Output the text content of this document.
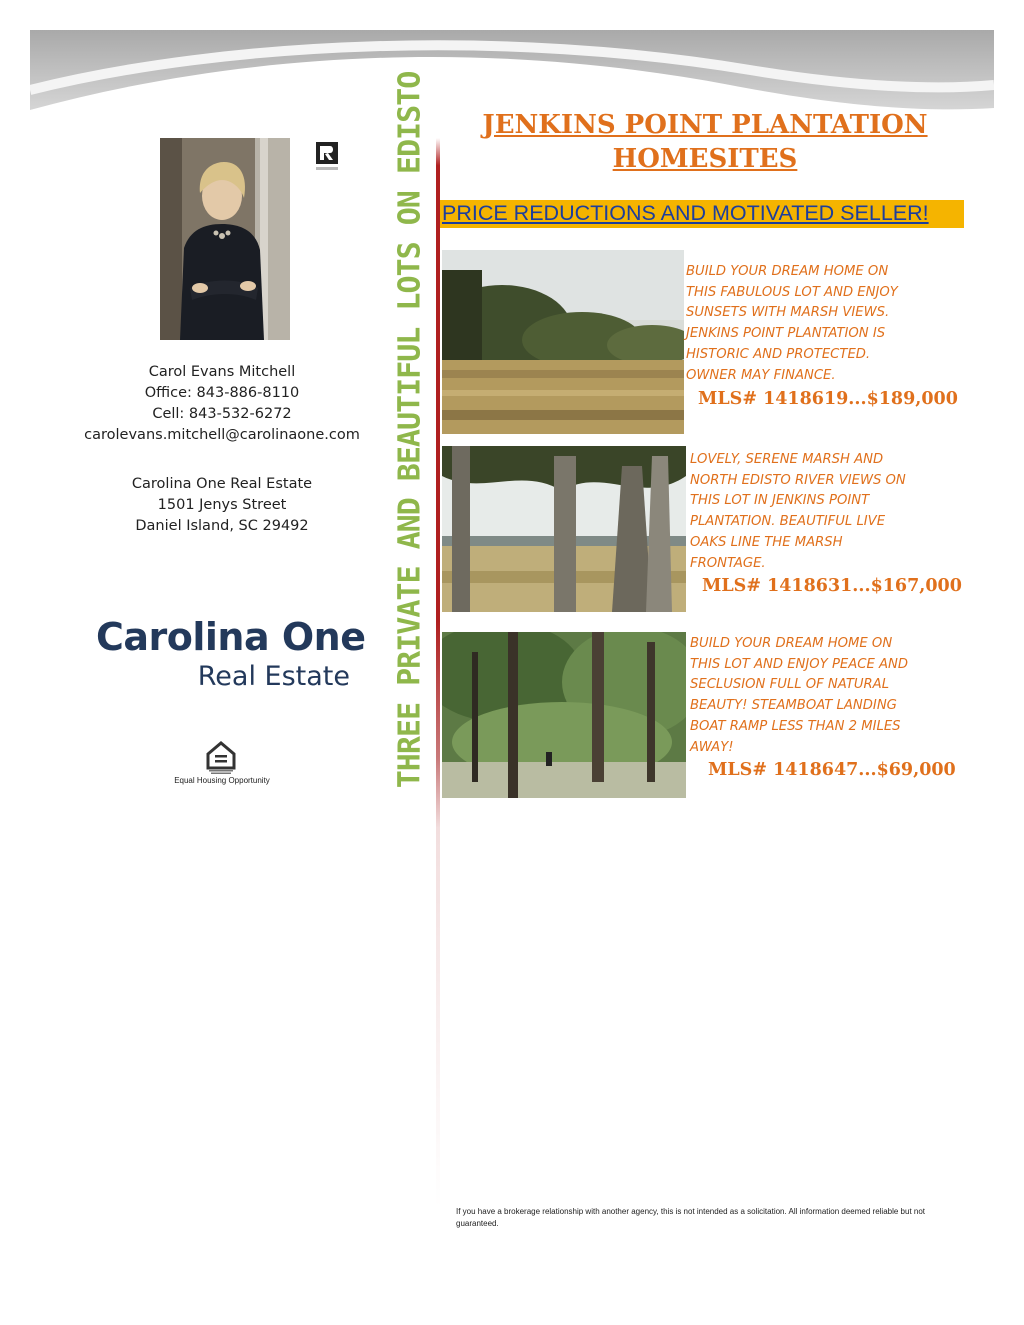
Carol Evans Mitchell
Office: 843-886-8110
Cell: 843-532-6272
carolevans.mitchell@carolinaone.com
Carolina One Real Estate
1501 Jenys Street
Daniel Island, SC 29492
Carolina One
Real Estate
Equal Housing Opportunity	THREE PRIVATE AND BEAUTIFUL LOTS ON EDISTO	JENKINS POINT PLANTATION
HOMESITES
PRICE REDUCTIONS AND MOTIVATED SELLER!
BUILD YOUR DREAM HOME ON
THIS FABULOUS LOT AND ENJOY
SUNSETS WITH MARSH VIEWS.
JENKINS POINT PLANTATION IS
HISTORIC AND PROTECTED.
OWNER MAY FINANCE.
MLS# 1418619...$189,000
LOVELY, SERENE MARSH AND
NORTH EDISTO RIVER VIEWS ON
THIS LOT IN JENKINS POINT
PLANTATION. BEAUTIFUL LIVE
OAKS LINE THE MARSH
FRONTAGE.
MLS# 1418631...$167,000
BUILD YOUR DREAM HOME ON
THIS LOT AND ENJOY PEACE AND
SECLUSION FULL OF NATURAL
BEAUTY! STEAMBOAT LANDING
BOAT RAMP LESS THAN 2 MILES
AWAY!
MLS# 1418647...$69,000
If you have a brokerage relationship with another agency, this is not intended as a solicitation. All information deemed reliable but not guaranteed.
